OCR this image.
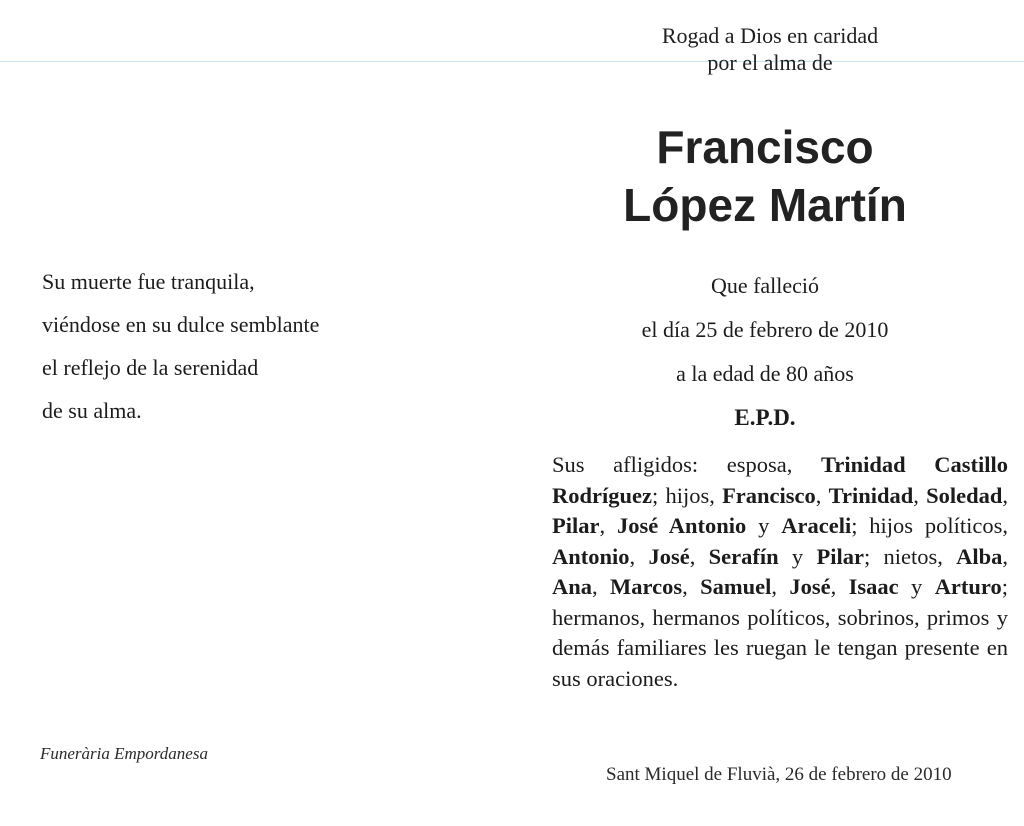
Rogad a Dios en caridad
por el alma de
Francisco
López Martín
Que falleció
el día 25 de febrero de 2010
a la edad de 80 años
E.P.D.
Sus afligidos: esposa, Trinidad Castillo Rodríguez; hijos, Francisco, Trinidad, Soledad, Pilar, José Antonio y Araceli; hijos políticos, Antonio, José, Serafín y Pilar; nietos, Alba, Ana, Marcos, Samuel, José, Isaac y Arturo; hermanos, hermanos políticos, sobrinos, primos y demás familiares les ruegan le tengan presente en sus oraciones.
Su muerte fue tranquila,
viéndose en su dulce semblante
el reflejo de la serenidad
de su alma.
Funerària Empordanesa
Sant Miquel de Fluvià, 26 de febrero de 2010
